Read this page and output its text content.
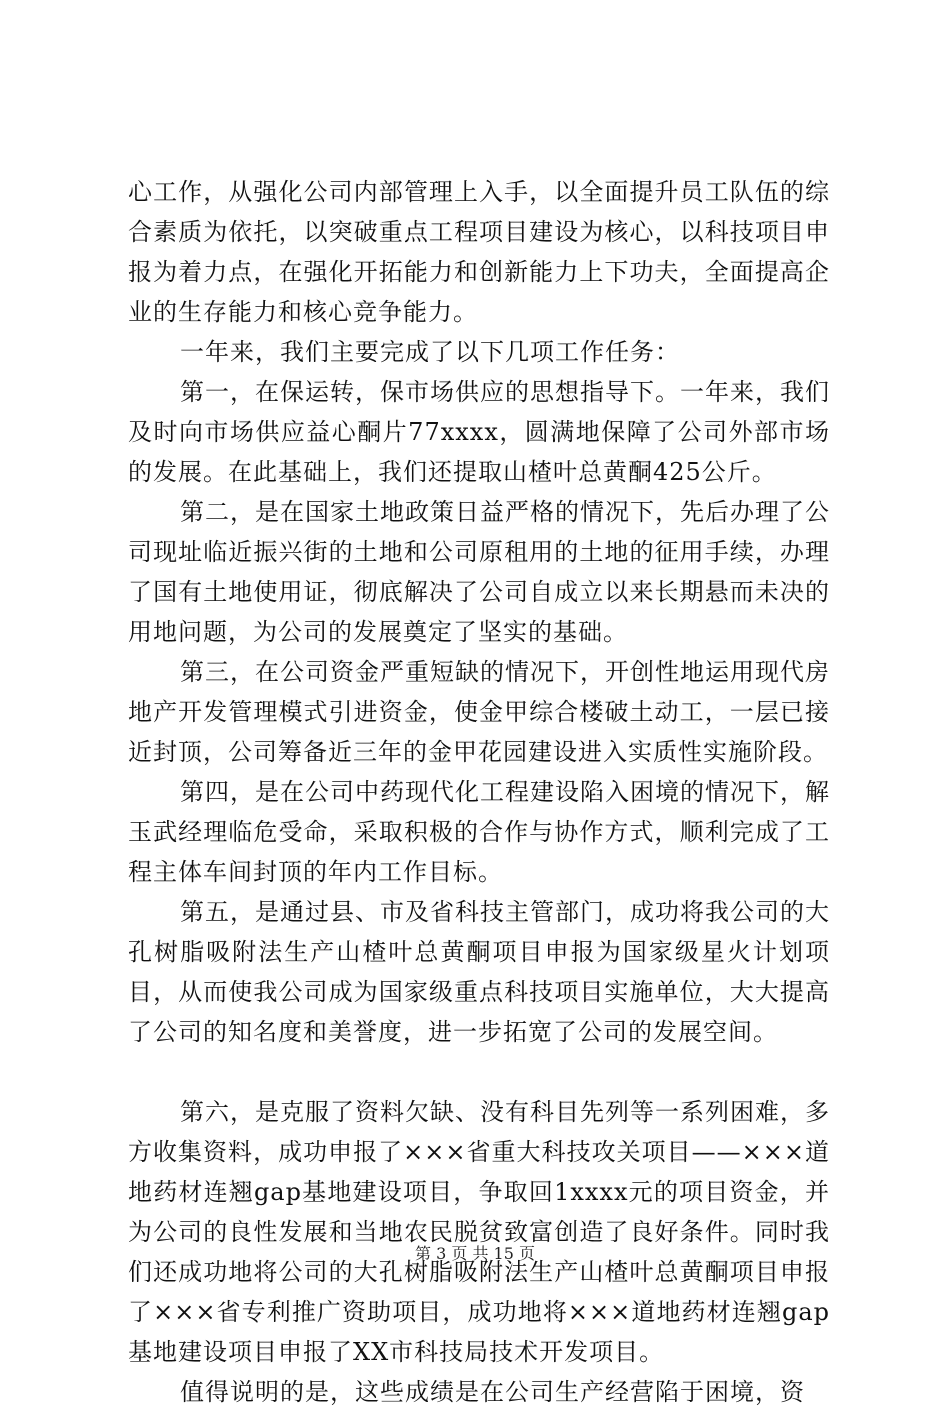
心工作，从强化公司内部管理上入手，以全面提升员工队伍的综合素质为依托，以突破重点工程项目建设为核心，以科技项目申报为着力点，在强化开拓能力和创新能力上下功夫，全面提高企业的生存能力和核心竞争能力。

一年来，我们主要完成了以下几项工作任务：

第一，在保运转，保市场供应的思想指导下。一年来，我们及时向市场供应益心酮片77xxxx，圆满地保障了公司外部市场的发展。在此基础上，我们还提取山楂叶总黄酮425公斤。

第二，是在国家土地政策日益严格的情况下，先后办理了公司现址临近振兴街的土地和公司原租用的土地的征用手续，办理了国有土地使用证，彻底解决了公司自成立以来长期悬而未决的用地问题，为公司的发展奠定了坚实的基础。

第三，在公司资金严重短缺的情况下，开创性地运用现代房地产开发管理模式引进资金，使金甲综合楼破土动工，一层已接近封顶，公司筹备近三年的金甲花园建设进入实质性实施阶段。

第四，是在公司中药现代化工程建设陷入困境的情况下，解玉武经理临危受命，采取积极的合作与协作方式，顺利完成了工程主体车间封顶的年内工作目标。

第五，是通过县、市及省科技主管部门，成功将我公司的大孔树脂吸附法生产山楂叶总黄酮项目申报为国家级星火计划项目，从而使我公司成为国家级重点科技项目实施单位，大大提高了公司的知名度和美誉度，进一步拓宽了公司的发展空间。

第六，是克服了资料欠缺、没有科目先列等一系列困难，多方收集资料，成功申报了×××省重大科技攻关项目——×××道地药材连翘gap基地建设项目，争取回1xxxx元的项目资金，并为公司的良性发展和当地农民脱贫致富创造了良好条件。同时我们还成功地将公司的大孔树脂吸附法生产山楂叶总黄酮项目申报了×××省专利推广资助项目，成功地将×××道地药材连翘gap基地建设项目申报了XX市科技局技术开发项目。

值得说明的是，这些成绩是在公司生产经营陷于困境，资

第 3 页 共 15 页
